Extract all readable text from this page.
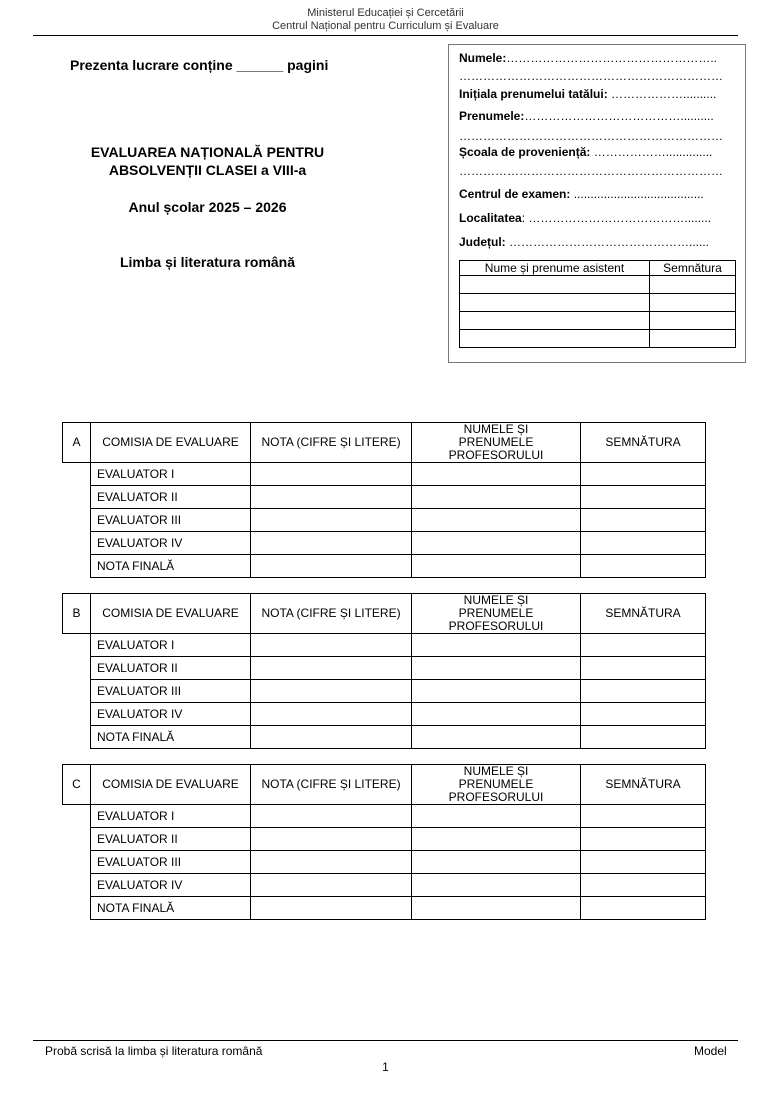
Ministerul Educației și Cercetării
Centrul Național pentru Curriculum și Evaluare
Prezenta lucrare conține ______ pagini
EVALUAREA NAȚIONALĂ PENTRU
ABSOLVENȚII CLASEI a VIII-a
Anul școlar 2025 – 2026
Limba și literatura română
Numele:……………………………………………..
…………………………………………………………
Inițiala prenumelui tatălui: ………………..........
Prenumele:…………………………………..........
…………………………………………………………
Școala de proveniență: ………………..............
…………………………………………………………
Centrul de examen: .......................................
Localitatea: …………………………………........
Județul: ………………………………………......
Nume și prenume asistent	Semnătura

A	COMISIA DE EVALUARE	NOTA (CIFRE ȘI LITERE)	NUMELE ȘI PRENUMELE PROFESORULUI	SEMNĂTURA
	EVALUATOR I			
	EVALUATOR II			
	EVALUATOR III			
	EVALUATOR IV			
	NOTA FINALĂ			
B	COMISIA DE EVALUARE	NOTA (CIFRE ȘI LITERE)	NUMELE ȘI PRENUMELE PROFESORULUI	SEMNĂTURA
	EVALUATOR I			
	EVALUATOR II			
	EVALUATOR III			
	EVALUATOR IV			
	NOTA FINALĂ			
C	COMISIA DE EVALUARE	NOTA (CIFRE ȘI LITERE)	NUMELE ȘI PRENUMELE PROFESORULUI	SEMNĂTURA
	EVALUATOR I			
	EVALUATOR II			
	EVALUATOR III			
	EVALUATOR IV			
	NOTA FINALĂ			
Probă scrisă la limba și literatura română	Model
1
